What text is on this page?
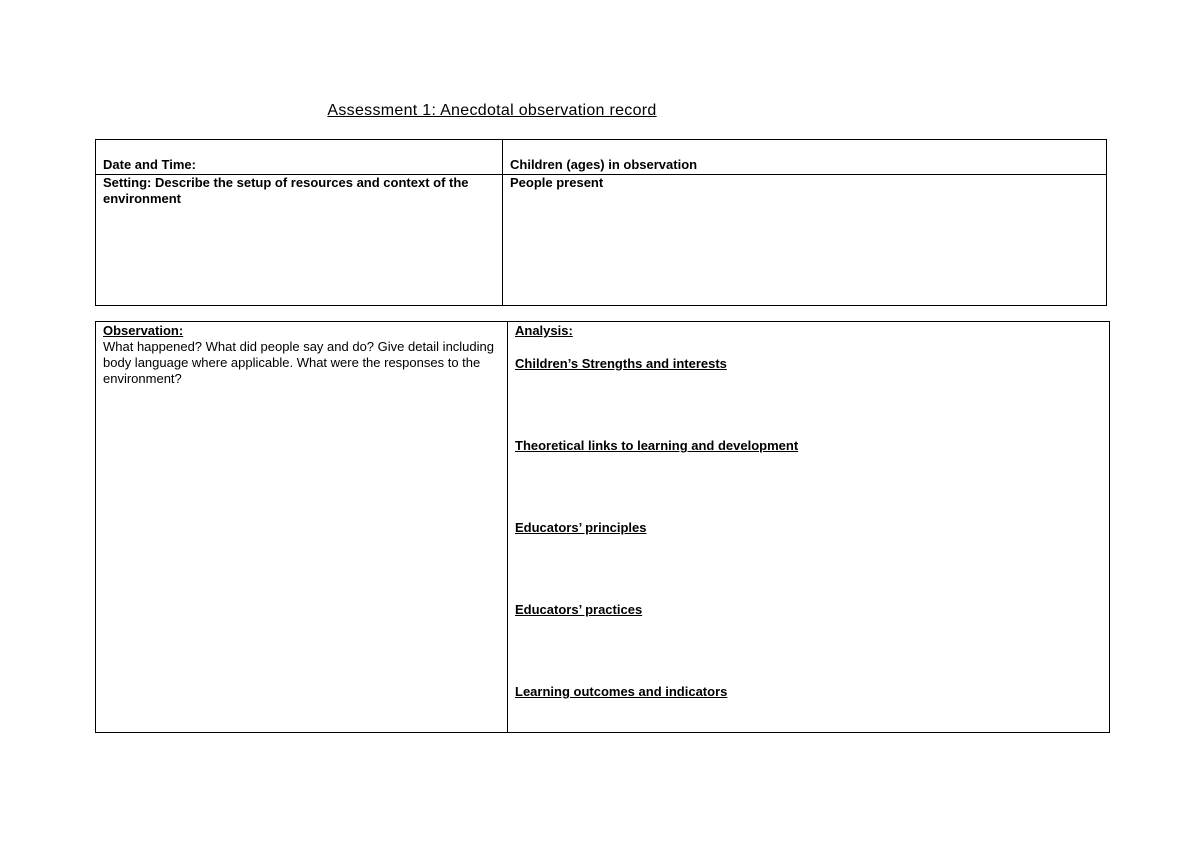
Assessment 1: Anecdotal observation record
Date and Time:	Children (ages) in observation
Setting: Describe the setup of resources and context of the environment	People present
Observation:
What happened? What did people say and do? Give detail including body language where applicable. What were the responses to the environment?

Analysis:
Children’s Strengths and interests
Theoretical links to learning and development
Educators’ principles
Educators’ practices
Learning outcomes and indicators
